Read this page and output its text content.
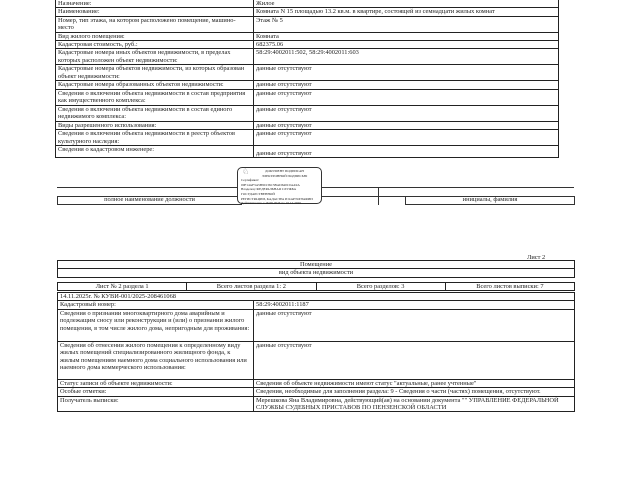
Назначение:	Жилое
Наименование:	Комната N 15 площадью 13.2 кв.м. в квартире, состоящей из семнадцати жилых комнат
Номер, тип этажа, на котором расположено помещение, машино-место	Этаж № 5
Вид жилого помещения:	Комната
Кадастровая стоимость, руб.:	682375.06
Кадастровые номера иных объектов недвижимости, в пределах которых расположен объект недвижимости:	58:29:4002011:502, 58:29:4002011:603
Кадастровые номера объектов недвижимости, из которых образован объект недвижимости:	данные отсутствуют
Кадастровые номера образованных объектов недвижимости:	данные отсутствуют
Сведения о включении объекта недвижимости в состав предприятия как имущественного комплекса:	данные отсутствуют
Сведения о включении объекта недвижимости в состав единого недвижимого комплекса:	данные отсутствуют
Виды разрешенного использования:	данные отсутствуют
Сведения о включении объекта недвижимости в реестр объектов культурного наследия:	данные отсутствуют
Сведения о кадастровом инженере:	данные отсутствуют
полное наименование должности	инициалы, фамилия
♘	ДОКУМЕНТ ПОДПИСАН
ЭЛЕКТРОННОЙ ПОДПИСЬЮ
Сертификат: 00F14AF3A5B90136C5BAD640C0AA9A
Владелец: ФЕДЕРАЛЬНАЯ СЛУЖБА ГОСУДАРСТВЕННОЙ
РЕГИСТРАЦИИ, КАДАСТРА И КАРТОГРАФИИ
Действителен: с 16.09.2025 по 10.12.2026
Лист 2
Помещение
вид объекта недвижимости
Лист № 2 раздела 1	Всего листов раздела 1: 2	Всего разделов: 3	Всего листов выписки: 7
14.11.2025г. № КУВИ-001/2025-208461068	
Кадастровый номер:	58:29:4002011:1187
Сведения о признании многоквартирного дома аварийным и подлежащим сносу или реконструкции и (или) о признании жилого помещения, в том числе жилого дома, непригодным для проживания:	данные отсутствуют
Сведения об отнесении жилого помещения к определенному виду жилых помещений специализированного жилищного фонда, к жилым помещениям наемного дома социального использования или наемного дома коммерческого использования:	данные отсутствуют
Статус записи об объекте недвижимости:	Сведения об объекте недвижимости имеют статус "актуальные, ранее учтенные"
Особые отметки:	Сведения, необходимые для заполнения раздела: 9 - Сведения о части (частях) помещения, отсутствуют.
Получатель выписки:	Мерешкова Яна Владимировна, действующий(ая) на основании документа "" УПРАВЛЕНИЕ ФЕДЕРАЛЬНОЙ СЛУЖБЫ СУДЕБНЫХ ПРИСТАВОВ ПО ПЕНЗЕНСКОЙ ОБЛАСТИ
